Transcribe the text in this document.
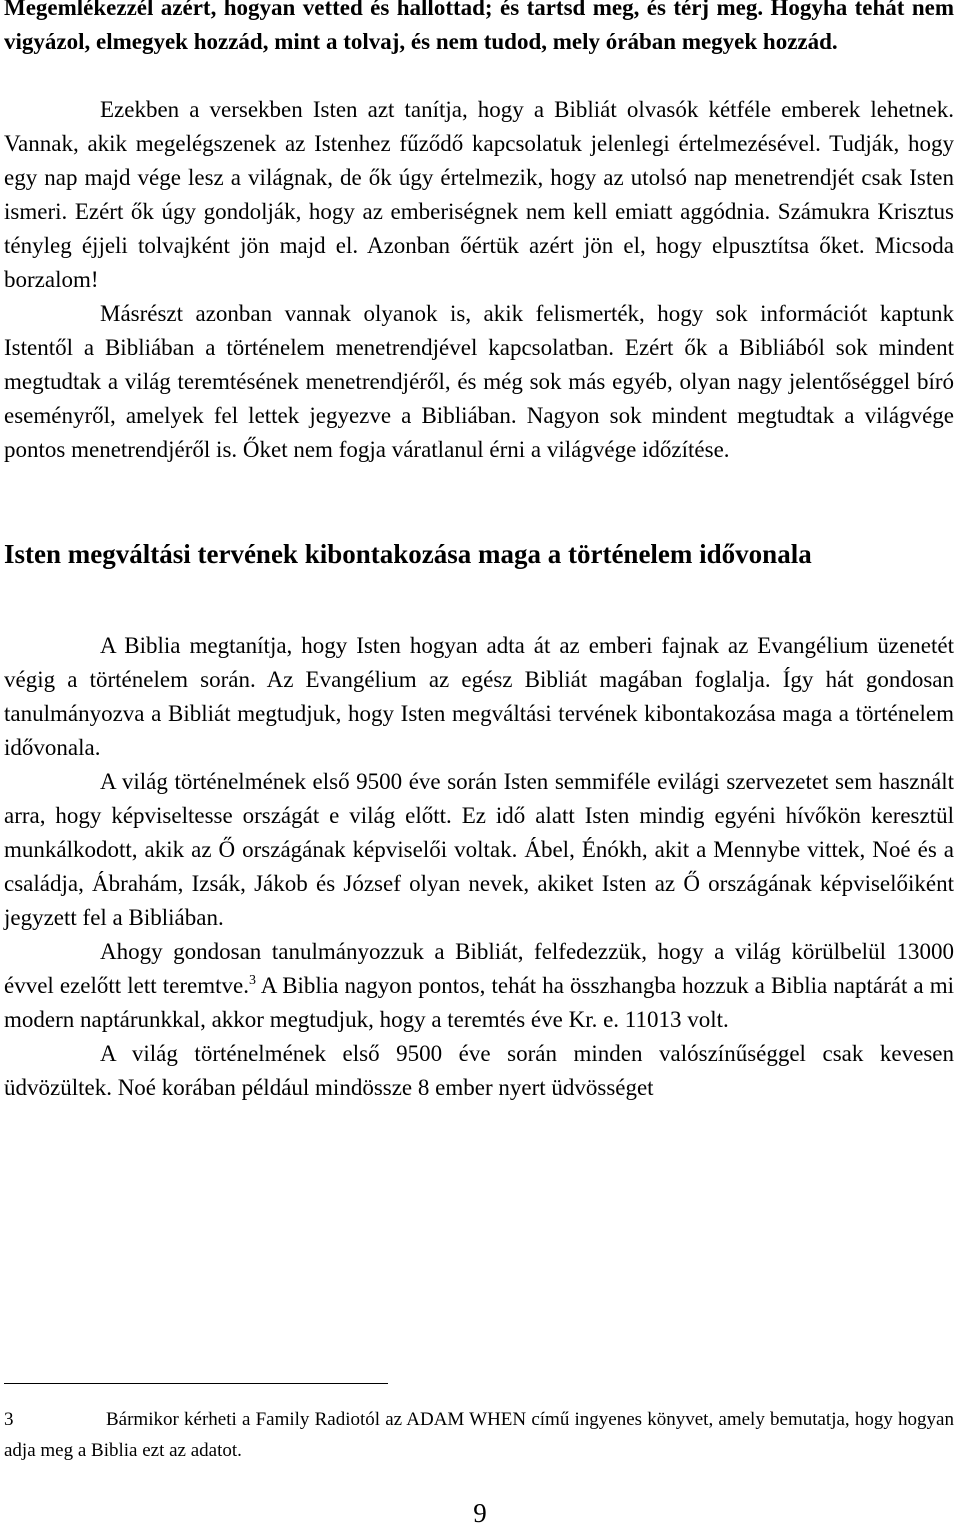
Megemlékezzél azért, hogyan vetted és hallottad; és tartsd meg, és térj meg. Hogyha tehát nem vigyázol, elmegyek hozzád, mint a tolvaj, és nem tudod, mely órában megyek hozzád.

Ezekben a versekben Isten azt tanítja, hogy a Bibliát olvasók kétféle emberek lehetnek. Vannak, akik megelégszenek az Istenhez fűződő kapcsolatuk jelenlegi értelmezésével. Tudják, hogy egy nap majd vége lesz a világnak, de ők úgy értelmezik, hogy az utolsó nap menetrendjét csak Isten ismeri. Ezért ők úgy gondolják, hogy az emberiségnek nem kell emiatt aggódnia. Számukra Krisztus tényleg éjjeli tolvajként jön majd el. Azonban őértük azért jön el, hogy elpusztítsa őket. Micsoda borzalom!

Másrészt azonban vannak olyanok is, akik felismerték, hogy sok információt kaptunk Istentől a Bibliában a történelem menetrendjével kapcsolatban. Ezért ők a Bibliából sok mindent megtudtak a világ teremtésének menetrendjéről, és még sok más egyéb, olyan nagy jelentőséggel bíró eseményről, amelyek fel lettek jegyezve a Bibliában. Nagyon sok mindent megtudtak a világvége pontos menetrendjéről is. Őket nem fogja váratlanul érni a világvége időzítése.

Isten megváltási tervének kibontakozása maga a történelem idővonala

A Biblia megtanítja, hogy Isten hogyan adta át az emberi fajnak az Evangélium üzenetét végig a történelem során. Az Evangélium az egész Bibliát magában foglalja. Így hát gondosan tanulmányozva a Bibliát megtudjuk, hogy Isten megváltási tervének kibontakozása maga a történelem idővonala.

A világ történelmének első 9500 éve során Isten semmiféle evilági szervezetet sem használt arra, hogy képviseltesse országát e világ előtt. Ez idő alatt Isten mindig egyéni hívőkön keresztül munkálkodott, akik az Ő országának képviselői voltak. Ábel, Énókh, akit a Mennybe vittek, Noé és a családja, Ábrahám, Izsák, Jákob és József olyan nevek, akiket Isten az Ő országának képviselőiként jegyzett fel a Bibliában.

Ahogy gondosan tanulmányozzuk a Bibliát, felfedezzük, hogy a világ körülbelül 13000 évvel ezelőtt lett teremtve.$^3$ A Biblia nagyon pontos, tehát ha összhangba hozzuk a Biblia naptárát a mi modern naptárunkkal, akkor megtudjuk, hogy a teremtés éve Kr. e. 11013 volt.

A világ történelmének első 9500 éve során minden valószínűséggel csak kevesen üdvözültek. Noé korában például mindössze 8 ember nyert üdvösséget

3	Bármikor kérheti a Family Radiotól az ADAM WHEN című ingyenes könyvet, amely bemutatja, hogy hogyan adja meg a Biblia ezt az adatot.
9
